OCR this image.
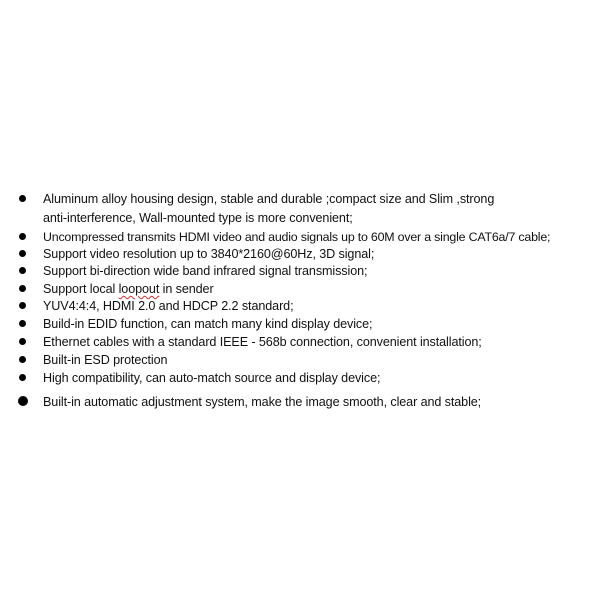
Aluminum alloy housing design, stable and durable ;compact size and Slim ,strong
anti-interference, Wall-mounted type is more convenient;
Uncompressed transmits HDMI video and audio signals up to 60M over a single CAT6a/7 cable;
Support video resolution up to 3840*2160@60Hz, 3D signal;
Support bi-direction wide band infrared signal transmission;
Support local loopout in sender
YUV4:4:4, HDMI 2.0 and HDCP 2.2 standard;
Build-in EDID function, can match many kind display device;
Ethernet cables with a standard IEEE - 568b connection, convenient installation;
Built-in ESD protection
High compatibility, can auto-match source and display device;
Built-in automatic adjustment system, make the image smooth, clear and stable;
